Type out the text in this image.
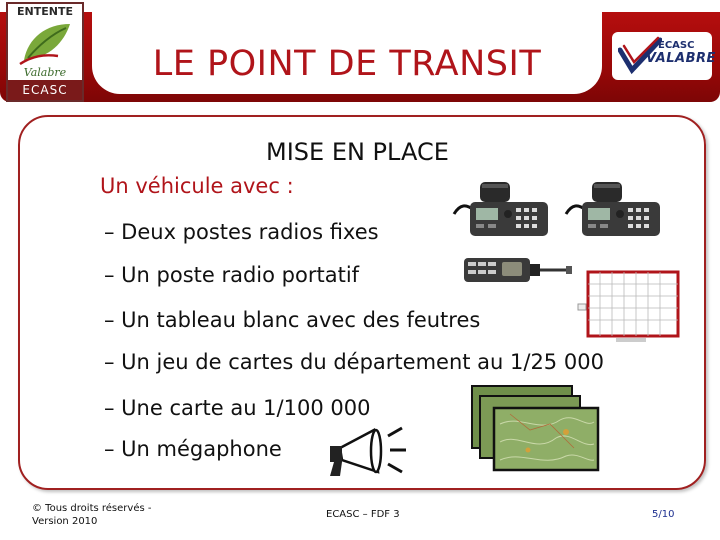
LE POINT DE TRANSIT
ENTENTE
Valabre
ECASC
ECASC
VALABRE
MISE EN PLACE
Un véhicule avec :
– Deux postes radios fixes
– Un poste radio portatif
– Un tableau blanc avec des feutres
– Un jeu de cartes du département au 1/25 000
– Une carte au 1/100 000
– Un mégaphone
© Tous droits réservés -
Version 2010
ECASC – FDF 3	5/10
